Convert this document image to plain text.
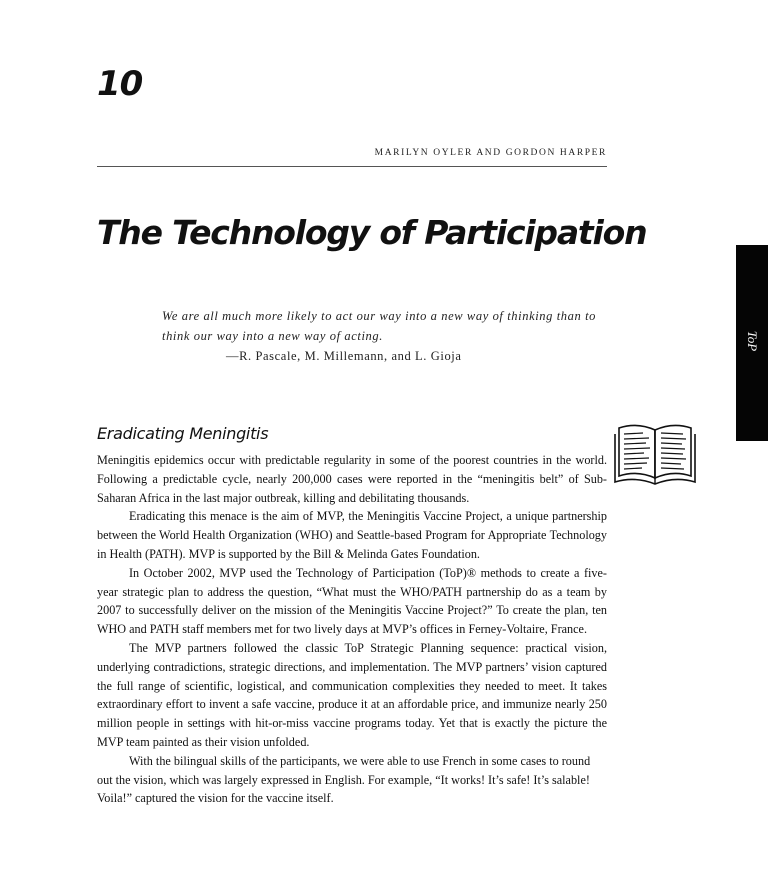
10
MARILYN OYLER AND GORDON HARPER
The Technology of Participation
We are all much more likely to act our way into a new way of thinking than to think our way into a new way of acting.
—R. Pascale, M. Millemann, and L. Gioja
ToP
Eradicating Meningitis

Meningitis epidemics occur with predictable regularity in some of the poorest countries in the world. Following a predictable cycle, nearly 200,000 cases were reported in the “meningitis belt” of Sub-Saharan Africa in the last major outbreak, killing and debilitating thousands.

Eradicating this menace is the aim of MVP, the Meningitis Vaccine Project, a unique partnership between the World Health Organization (WHO) and Seattle-based Program for Appropriate Technology in Health (PATH). MVP is supported by the Bill & Melinda Gates Foundation.

In October 2002, MVP used the Technology of Participation (ToP)® methods to create a five-year strategic plan to address the question, “What must the WHO/PATH partnership do as a team by 2007 to successfully deliver on the mission of the Meningitis Vaccine Project?” To create the plan, ten WHO and PATH staff members met for two lively days at MVP’s offices in Ferney-Voltaire, France.

The MVP partners followed the classic ToP Strategic Planning sequence: practical vision, underlying contradictions, strategic directions, and implementation. The MVP partners’ vision captured the full range of scientific, logistical, and communication complexities they needed to meet. It takes extraordinary effort to invent a safe vaccine, produce it at an affordable price, and immunize nearly 250 million people in settings with hit-or-miss vaccine programs today. Yet that is exactly the picture the MVP team painted as their vision unfolded.

With the bilingual skills of the participants, we were able to use French in some cases to round out the vision, which was largely expressed in English. For example, “It works! It’s safe! It’s salable! Voila!” captured the vision for the vaccine itself.
